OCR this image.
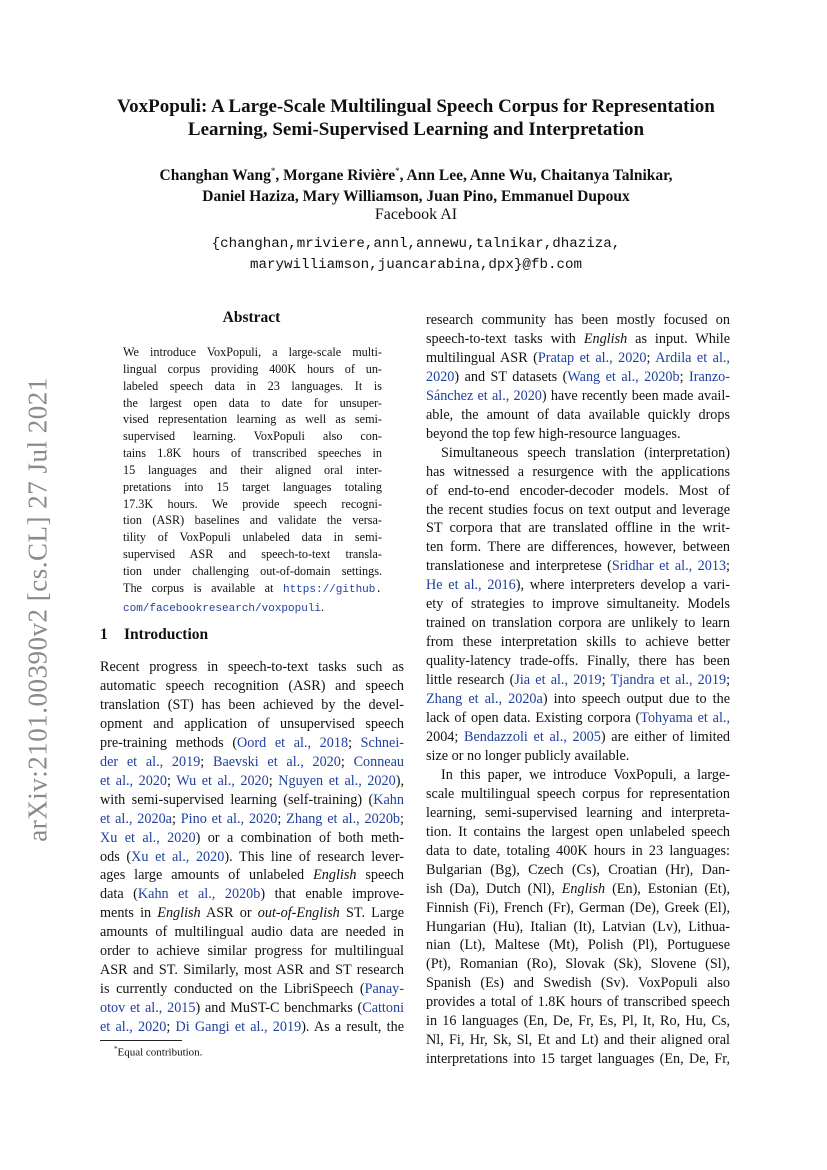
arXiv:2101.00390v2 [cs.CL] 27 Jul 2021
VoxPopuli: A Large-Scale Multilingual Speech Corpus for Representation
Learning, Semi-Supervised Learning and Interpretation
Changhan Wang*, Morgane Rivière*, Ann Lee, Anne Wu, Chaitanya Talnikar,
Daniel Haziza, Mary Williamson, Juan Pino, Emmanuel Dupoux
Facebook AI
{changhan,mriviere,annl,annewu,talnikar,dhaziza,
marywilliamson,juancarabina,dpx}@fb.com
Abstract
We introduce VoxPopuli, a large-scale multi-
lingual corpus providing 400K hours of un-
labeled speech data in 23 languages. It is
the largest open data to date for unsuper-
vised representation learning as well as semi-
supervised learning. VoxPopuli also con-
tains 1.8K hours of transcribed speeches in
15 languages and their aligned oral inter-
pretations into 15 target languages totaling
17.3K hours. We provide speech recogni-
tion (ASR) baselines and validate the versa-
tility of VoxPopuli unlabeled data in semi-
supervised ASR and speech-to-text transla-
tion under challenging out-of-domain settings.
The corpus is available at https://github.
com/facebookresearch/voxpopuli.
1 Introduction
Recent progress in speech-to-text tasks such as
automatic speech recognition (ASR) and speech
translation (ST) has been achieved by the devel-
opment and application of unsupervised speech
pre-training methods (Oord et al., 2018; Schnei-
der et al., 2019; Baevski et al., 2020; Conneau
et al., 2020; Wu et al., 2020; Nguyen et al., 2020),
with semi-supervised learning (self-training) (Kahn
et al., 2020a; Pino et al., 2020; Zhang et al., 2020b;
Xu et al., 2020) or a combination of both meth-
ods (Xu et al., 2020). This line of research lever-
ages large amounts of unlabeled English speech
data (Kahn et al., 2020b) that enable improve-
ments in English ASR or out-of-English ST. Large
amounts of multilingual audio data are needed in
order to achieve similar progress for multilingual
ASR and ST. Similarly, most ASR and ST research
is currently conducted on the LibriSpeech (Panay-
otov et al., 2015) and MuST-C benchmarks (Cattoni
et al., 2020; Di Gangi et al., 2019). As a result, the
research community has been mostly focused on
speech-to-text tasks with English as input. While
multilingual ASR (Pratap et al., 2020; Ardila et al.,
2020) and ST datasets (Wang et al., 2020b; Iranzo-
Sánchez et al., 2020) have recently been made avail-
able, the amount of data available quickly drops
beyond the top few high-resource languages.
Simultaneous speech translation (interpretation)
has witnessed a resurgence with the applications
of end-to-end encoder-decoder models. Most of
the recent studies focus on text output and leverage
ST corpora that are translated offline in the writ-
ten form. There are differences, however, between
translationese and interpretese (Sridhar et al., 2013;
He et al., 2016), where interpreters develop a vari-
ety of strategies to improve simultaneity. Models
trained on translation corpora are unlikely to learn
from these interpretation skills to achieve better
quality-latency trade-offs. Finally, there has been
little research (Jia et al., 2019; Tjandra et al., 2019;
Zhang et al., 2020a) into speech output due to the
lack of open data. Existing corpora (Tohyama et al.,
2004; Bendazzoli et al., 2005) are either of limited
size or no longer publicly available.
In this paper, we introduce VoxPopuli, a large-
scale multilingual speech corpus for representation
learning, semi-supervised learning and interpreta-
tion. It contains the largest open unlabeled speech
data to date, totaling 400K hours in 23 languages:
Bulgarian (Bg), Czech (Cs), Croatian (Hr), Dan-
ish (Da), Dutch (Nl), English (En), Estonian (Et),
Finnish (Fi), French (Fr), German (De), Greek (El),
Hungarian (Hu), Italian (It), Latvian (Lv), Lithua-
nian (Lt), Maltese (Mt), Polish (Pl), Portuguese
(Pt), Romanian (Ro), Slovak (Sk), Slovene (Sl),
Spanish (Es) and Swedish (Sv). VoxPopuli also
provides a total of 1.8K hours of transcribed speech
in 16 languages (En, De, Fr, Es, Pl, It, Ro, Hu, Cs,
Nl, Fi, Hr, Sk, Sl, Et and Lt) and their aligned oral
interpretations into 15 target languages (En, De, Fr,
*Equal contribution.
